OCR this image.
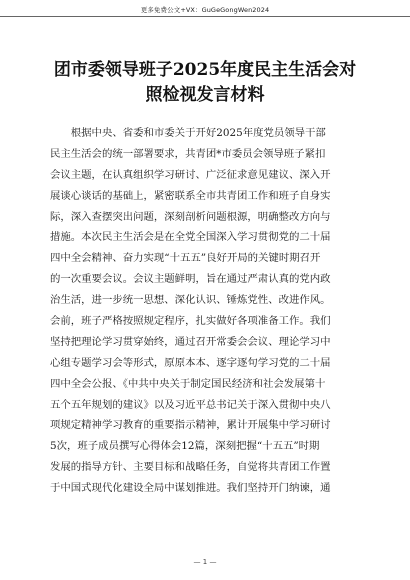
更多免费公文+VX：GuGeGongWen2024
团市委领导班子2025年度民主生活会对
照检视发言材料
　　根据中央、省委和市委关于开好2025年度党员领导干部
民主生活会的统一部署要求，共青团*市委员会领导班子紧扣
会议主题，在认真组织学习研讨、广泛征求意见建议、深入开
展谈心谈话的基础上，紧密联系全市共青团工作和班子自身实
际，深入查摆突出问题，深刻剖析问题根源，明确整改方向与
措施。本次民主生活会是在全党全国深入学习贯彻党的二十届
四中全会精神、奋力实现“十五五”良好开局的关键时期召开
的一次重要会议。会议主题鲜明，旨在通过严肃认真的党内政
治生活，进一步统一思想、深化认识、锤炼党性、改进作风。
会前，班子严格按照规定程序，扎实做好各项准备工作。我们
坚持把理论学习贯穿始终，通过召开常委会会议、理论学习中
心组专题学习会等形式，原原本本、逐字逐句学习党的二十届
四中全会公报、《中共中央关于制定国民经济和社会发展第十
五个五年规划的建议》以及习近平总书记关于深入贯彻中央八
项规定精神学习教育的重要指示精神，累计开展集中学习研讨
5次，班子成员撰写心得体会12篇，深刻把握“十五五”时期
发展的指导方针、主要目标和战略任务，自觉将共青团工作置
于中国式现代化建设全局中谋划推进。我们坚持开门纳谏，通
— 1 —
